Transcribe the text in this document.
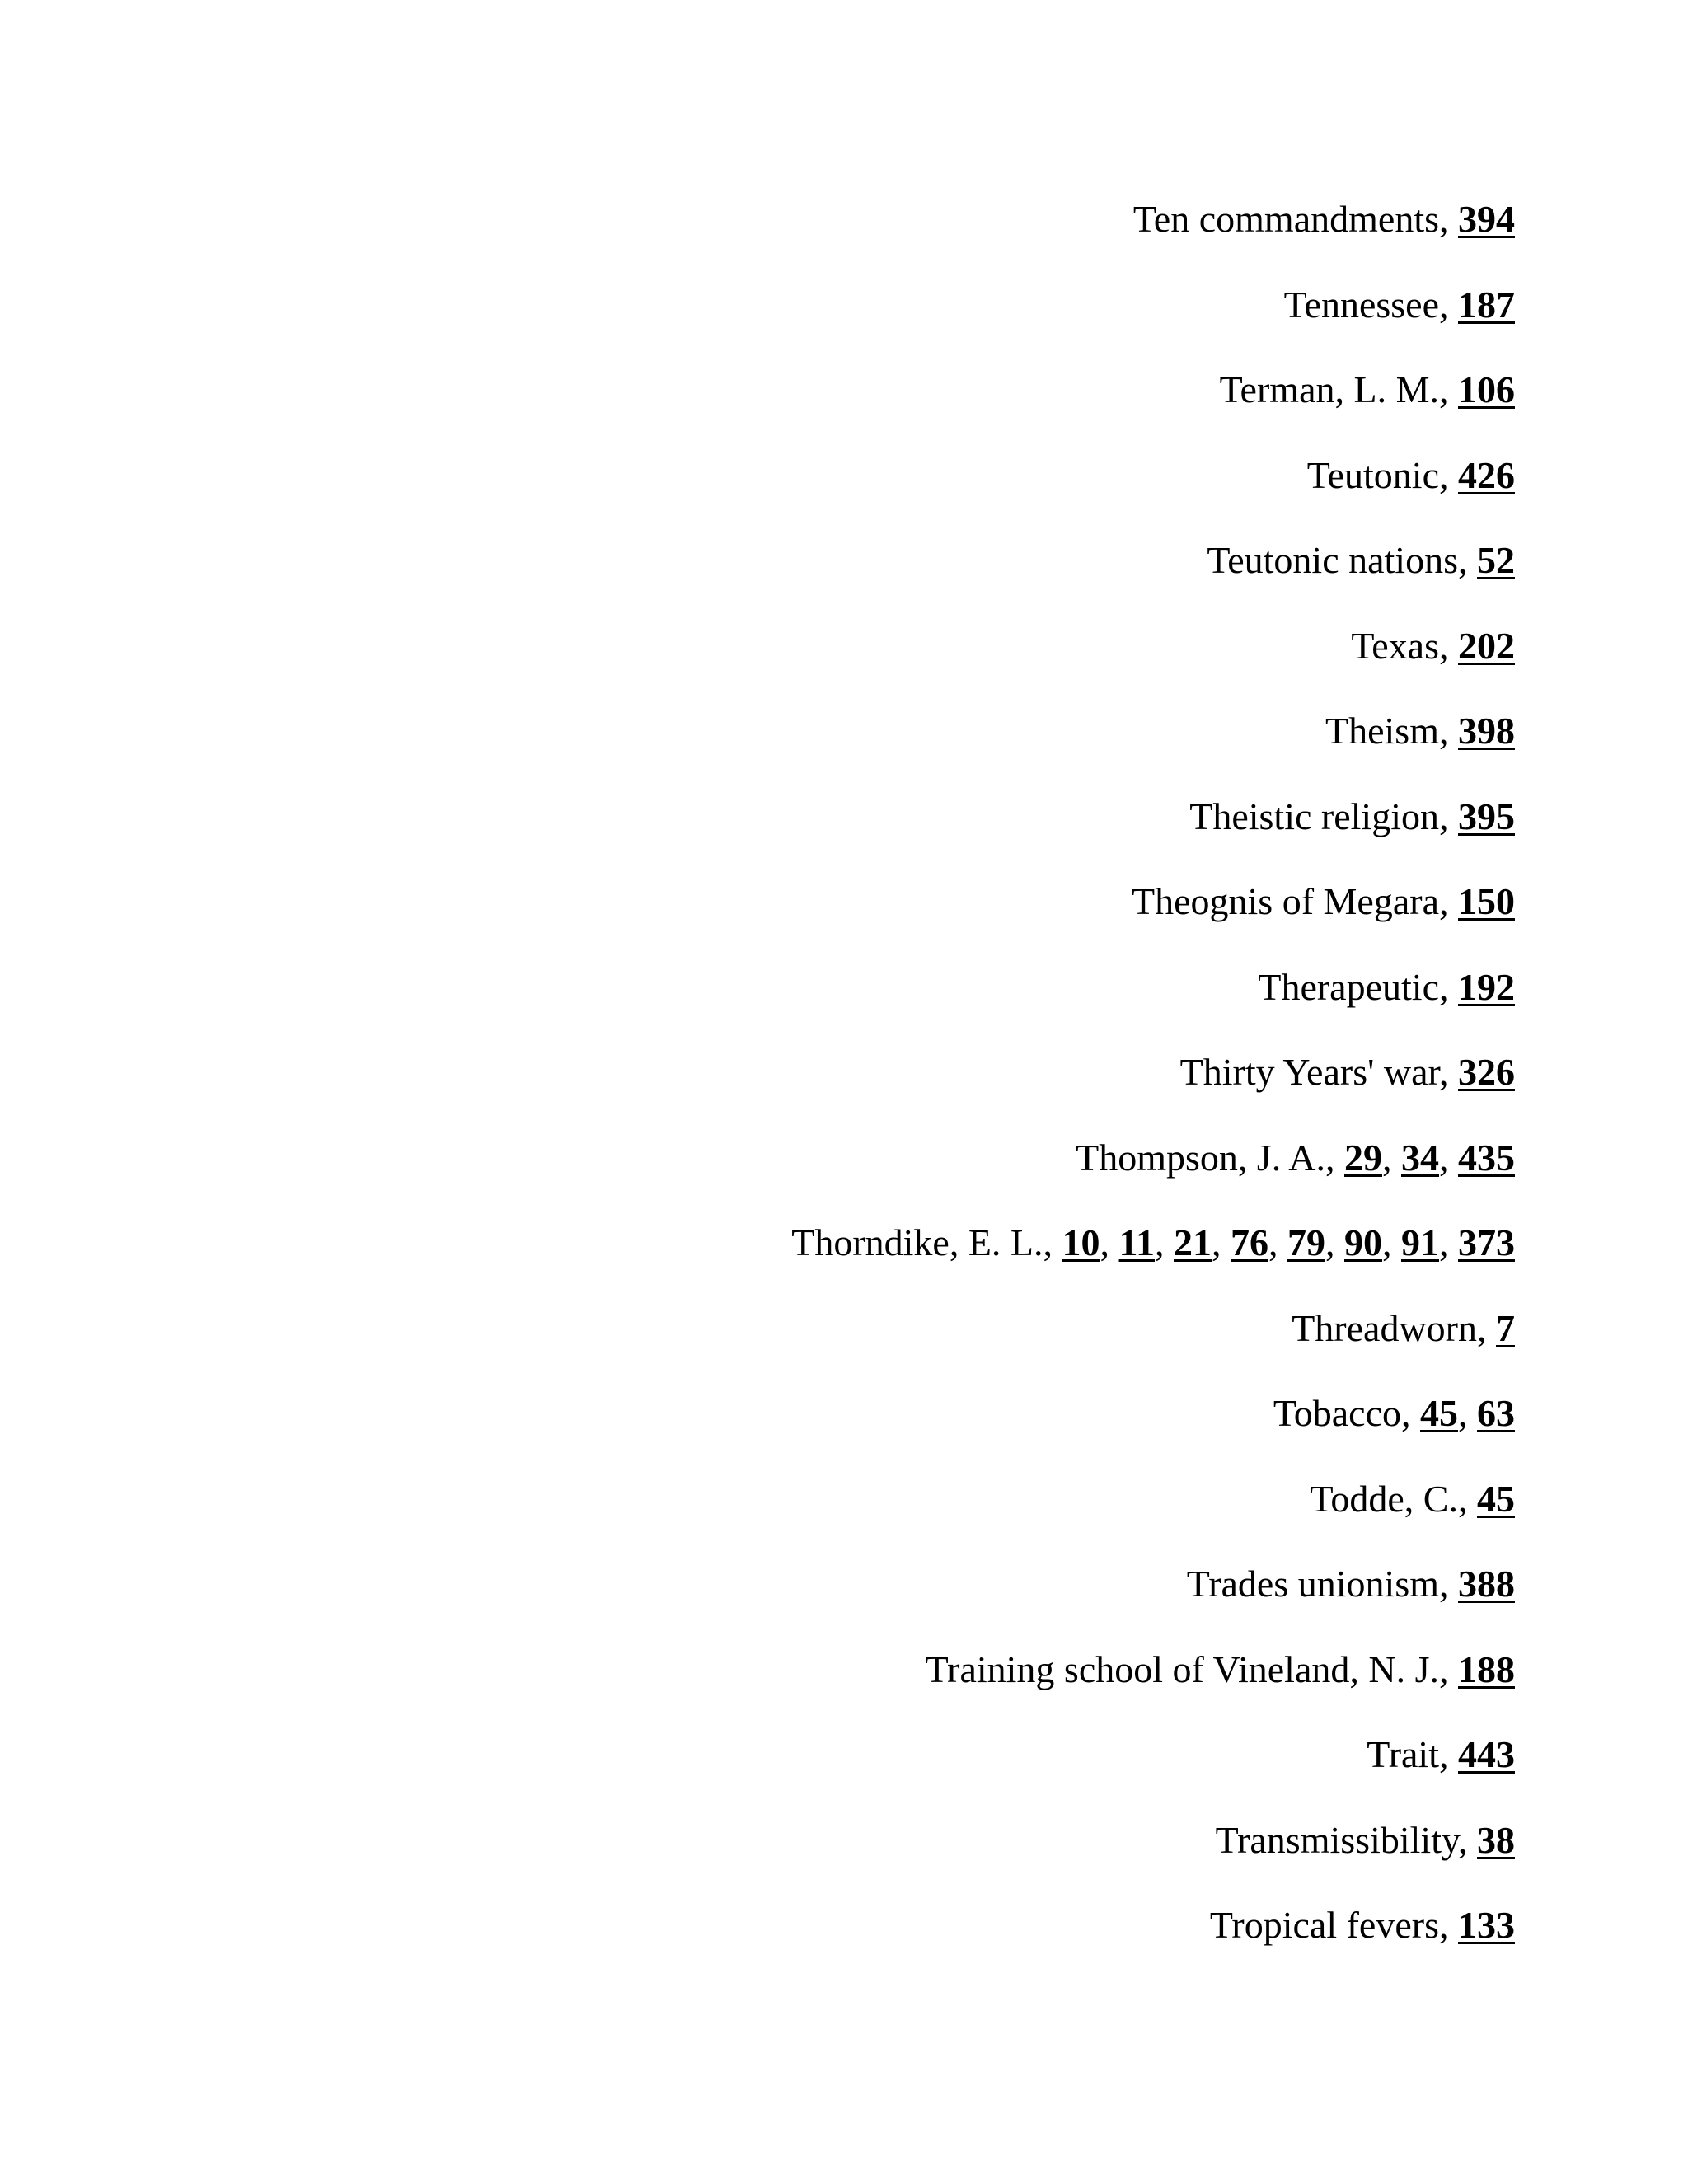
Ten commandments, 394
Tennessee, 187
Terman, L. M., 106
Teutonic, 426
Teutonic nations, 52
Texas, 202
Theism, 398
Theistic religion, 395
Theognis of Megara, 150
Therapeutic, 192
Thirty Years' war, 326
Thompson, J. A., 29, 34, 435
Thorndike, E. L., 10, 11, 21, 76, 79, 90, 91, 373
Threadworn, 7
Tobacco, 45, 63
Todde, C., 45
Trades unionism, 388
Training school of Vineland, N. J., 188
Trait, 443
Transmissibility, 38
Tropical fevers, 133
